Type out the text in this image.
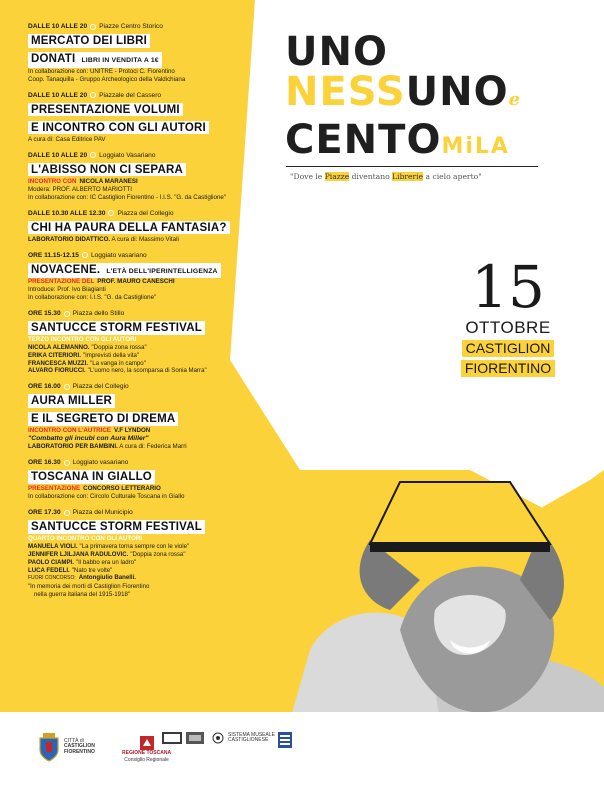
DALLE 10 ALLE 20 Piazze Centro Storico
MERCATO DEI LIBRI
DONATI LIBRI IN VENDITA A 1€
In collaborazione con: UNITRE - Protoci C. Fiorentino
Coop. Tanaquilla - Gruppo Archeologico della Valdichiana
DALLE 10 ALLE 20 Piazzale del Cassero
PRESENTAZIONE VOLUMI
E INCONTRO CON GLI AUTORI
A cura di: Casa Editrice PAV
DALLE 10 ALLE 20 Loggiato Vasariano
L'ABISSO NON CI SEPARA
INCONTRO CON NICOLA MARANESI
Modera: PROF. ALBERTO MARIOTTI
In collaborazione con: IC Castiglion Fiorentino - I.I.S. "G. da Castiglione"
DALLE 10.30 ALLE 12.30 Piazza del Collegio
CHI HA PAURA DELLA FANTASIA?
LABORATORIO DIDATTICO. A cura di: Massimo Vitali
ORE 11.15-12.15 Loggiato vasariano
NOVACENE. L'ETÀ DELL'IPERINTELLIGENZA
PRESENTAZIONE DEL PROF. MAURO CANESCHI
Introduce: Prof. Ivo Biagianti
In collaborazione con: I.I.S. "G. da Castiglione"
ORE 15.30 Piazza dello Stillo
SANTUCCE STORM FESTIVAL
TERZO INCONTRO CON GLI AUTORI
NICOLA ALEMANNO. "Doppia zona rossa"
ERIKA CITERIORI. "Imprevisti della vita"
FRANCESCA MUZZI. "La vanga in campo"
ALVARO FIORUCCI. "L'uomo nero, la scomparsa di Sonia Marra"
ORE 16.00 Piazza del Collegio
AURA MILLER
E IL SEGRETO DI DREMA
INCONTRO CON L'AUTRICE V.F LYNDON
"Combatto gli incubi con Aura Miller"
LABORATORIO PER BAMBINI. A cura di: Federica Marri
ORE 16.30 Loggiato vasariano
TOSCANA IN GIALLO
PRESENTAZIONE CONCORSO LETTERARIO
In collaborazione con: Circolo Culturale Toscana in Giallo
ORE 17.30 Piazza del Municipio
SANTUCCE STORM FESTIVAL
QUARTO INCONTRO CON GLI AUTORI
MANUELA VIOLI. "La primavera torna sempre con le viole"
JENNIFER LJILJANA RADULOVIC. "Doppia zona rossa"
PAOLO CIAMPI. "Il babbo era un ladro"
LUCA FEDELI. "Nato tre volte"
FUORI CONCORSO: Antongiulio Banelli.
"In memoria dei morti di Castiglion Fiorentino
nella guerra italiana del 1915-1918"
UNO
NESSUNOe
CENTOMiLA
"Dove le Piazze diventano Librerie a cielo aperto"
15
OTTOBRE
CASTIGLION
FIORENTINO
CITTÀ di
CASTIGLION
FIORENTINO	REGIONE TOSCANA
Consiglio Regionale
SISTEMA MUSEALE
CASTIGLIONESE
